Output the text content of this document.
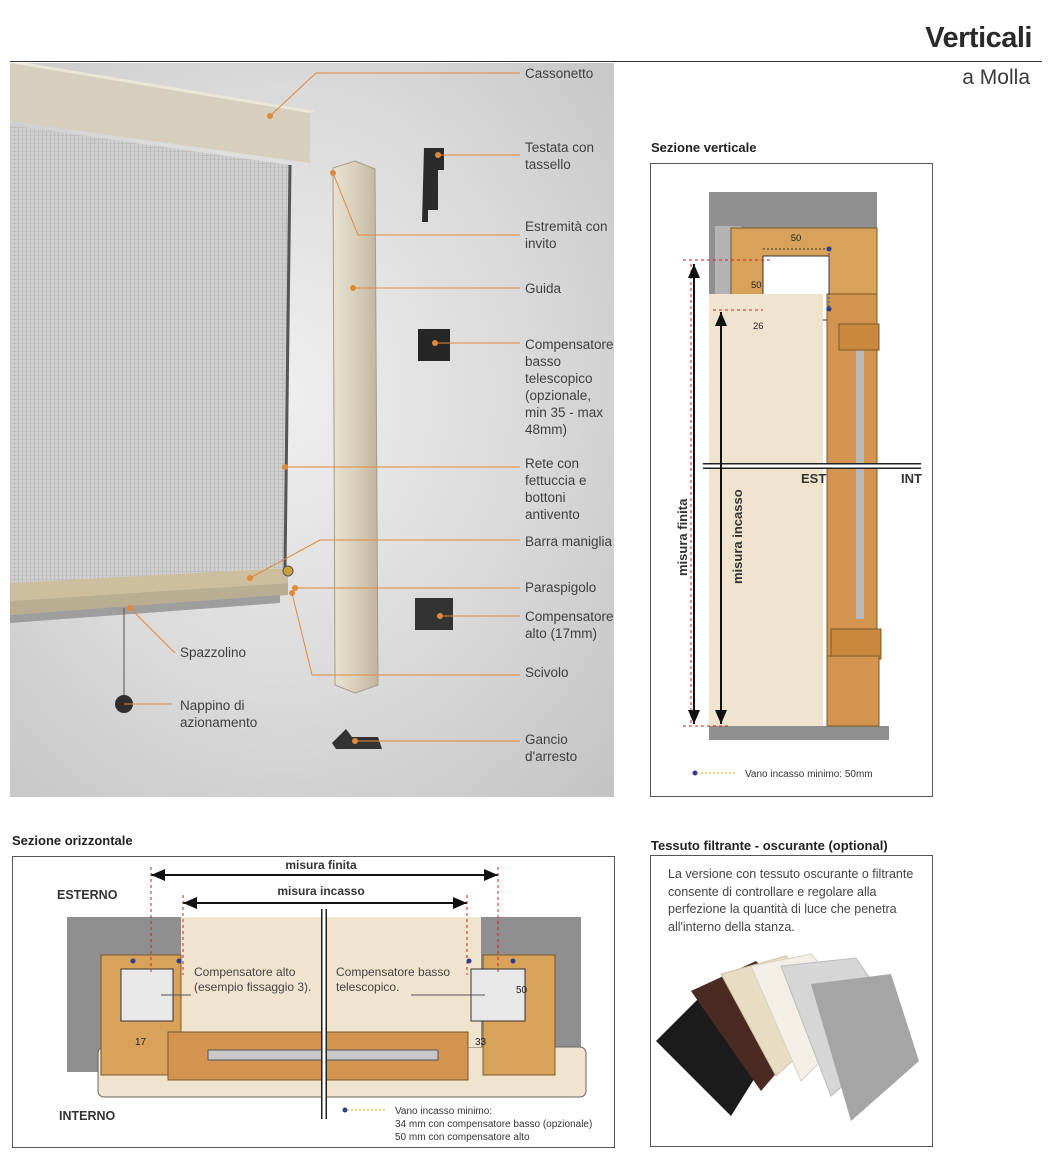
Verticali
a Molla
Cassonetto
Testata con
tassello
Estremità con
invito
Guida
Compensatore
basso
telescopico
(opzionale,
min 35 - max
48mm)
Rete con
fettuccia e
bottoni
antivento
Barra maniglia
Paraspigolo
Compensatore
alto (17mm)
Scivolo
Gancio
d'arresto
Spazzolino
Nappino di
azionamento
Sezione verticale
50
50
26
EST	INT
misura finita	misura incasso
Vano incasso minimo: 50mm
Sezione orizzontale
misura finita
misura incasso
ESTERNO
INTERNO
Compensatore alto
(esempio fissaggio 3).
Compensatore basso
telescopico.
17	33
50
Vano incasso minimo:
34 mm con compensatore basso (opzionale)
50 mm con compensatore alto
Tessuto filtrante - oscurante (optional)
La versione con tessuto oscurante o filtrante consente di controllare e regolare alla perfezione la quantità di luce che penetra all'interno della stanza.
